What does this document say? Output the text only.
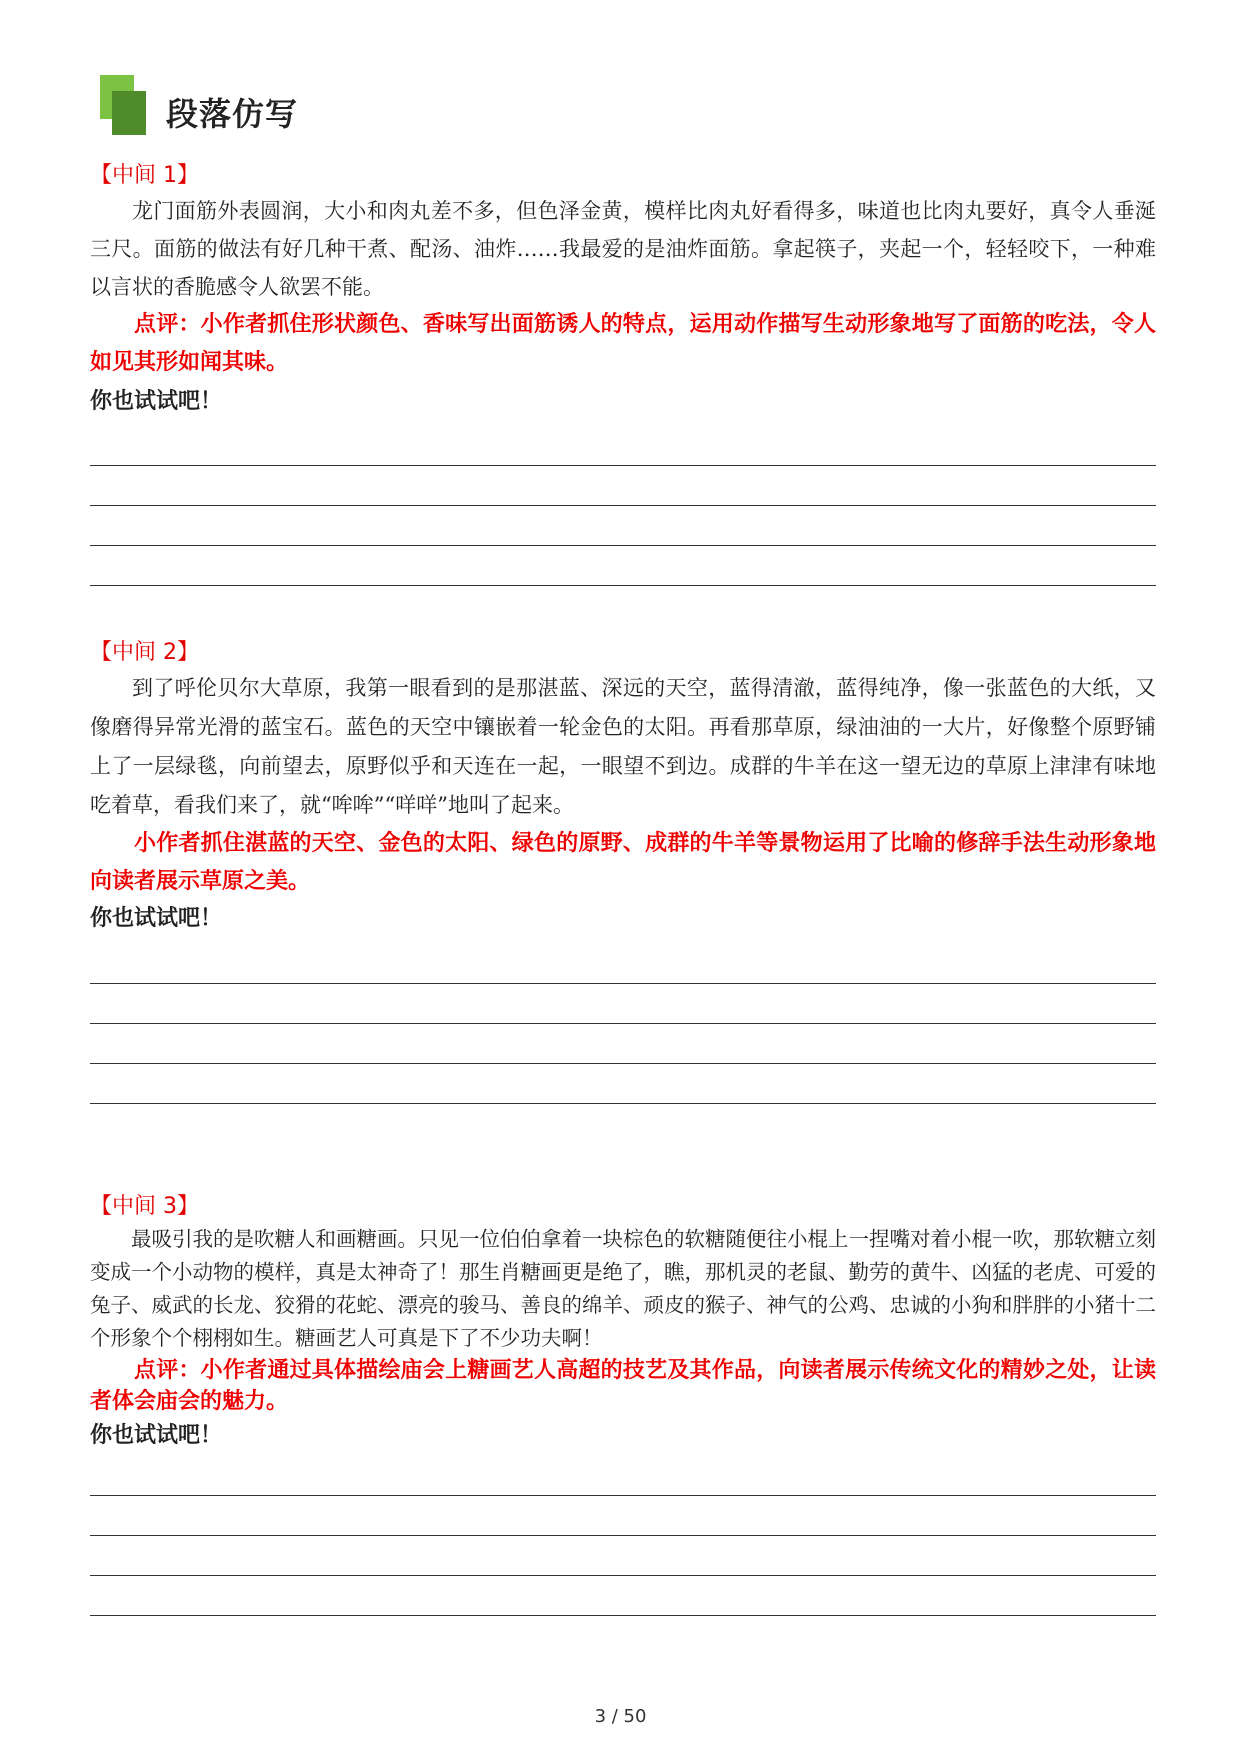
段落仿写

【中间 1】

龙门面筋外表圆润，大小和肉丸差不多，但色泽金黄，模样比肉丸好看得多，味道也比肉丸要好，真令人垂涎三尺。面筋的做法有好几种干煮、配汤、油炸……我最爱的是油炸面筋。拿起筷子，夹起一个，轻轻咬下，一种难以言状的香脆感令人欲罢不能。

点评：小作者抓住形状颜色、香味写出面筋诱人的特点，运用动作描写生动形象地写了面筋的吃法，令人如见其形如闻其味。

你也试试吧！

【中间 2】

到了呼伦贝尔大草原，我第一眼看到的是那湛蓝、深远的天空，蓝得清澈，蓝得纯净，像一张蓝色的大纸，又像磨得异常光滑的蓝宝石。蓝色的天空中镶嵌着一轮金色的太阳。再看那草原，绿油油的一大片，好像整个原野铺上了一层绿毯，向前望去，原野似乎和天连在一起，一眼望不到边。成群的牛羊在这一望无边的草原上津津有味地吃着草，看我们来了，就“哞哞”“咩咩”地叫了起来。

小作者抓住湛蓝的天空、金色的太阳、绿色的原野、成群的牛羊等景物运用了比喻的修辞手法生动形象地向读者展示草原之美。

你也试试吧！

【中间 3】

最吸引我的是吹糖人和画糖画。只见一位伯伯拿着一块棕色的软糖随便往小棍上一捏嘴对着小棍一吹，那软糖立刻变成一个小动物的模样，真是太神奇了！那生肖糖画更是绝了，瞧，那机灵的老鼠、勤劳的黄牛、凶猛的老虎、可爱的兔子、威武的长龙、狡猾的花蛇、漂亮的骏马、善良的绵羊、顽皮的猴子、神气的公鸡、忠诚的小狗和胖胖的小猪十二个形象个个栩栩如生。糖画艺人可真是下了不少功夫啊！

点评：小作者通过具体描绘庙会上糖画艺人高超的技艺及其作品，向读者展示传统文化的精妙之处，让读者体会庙会的魅力。

你也试试吧！

3 / 50
